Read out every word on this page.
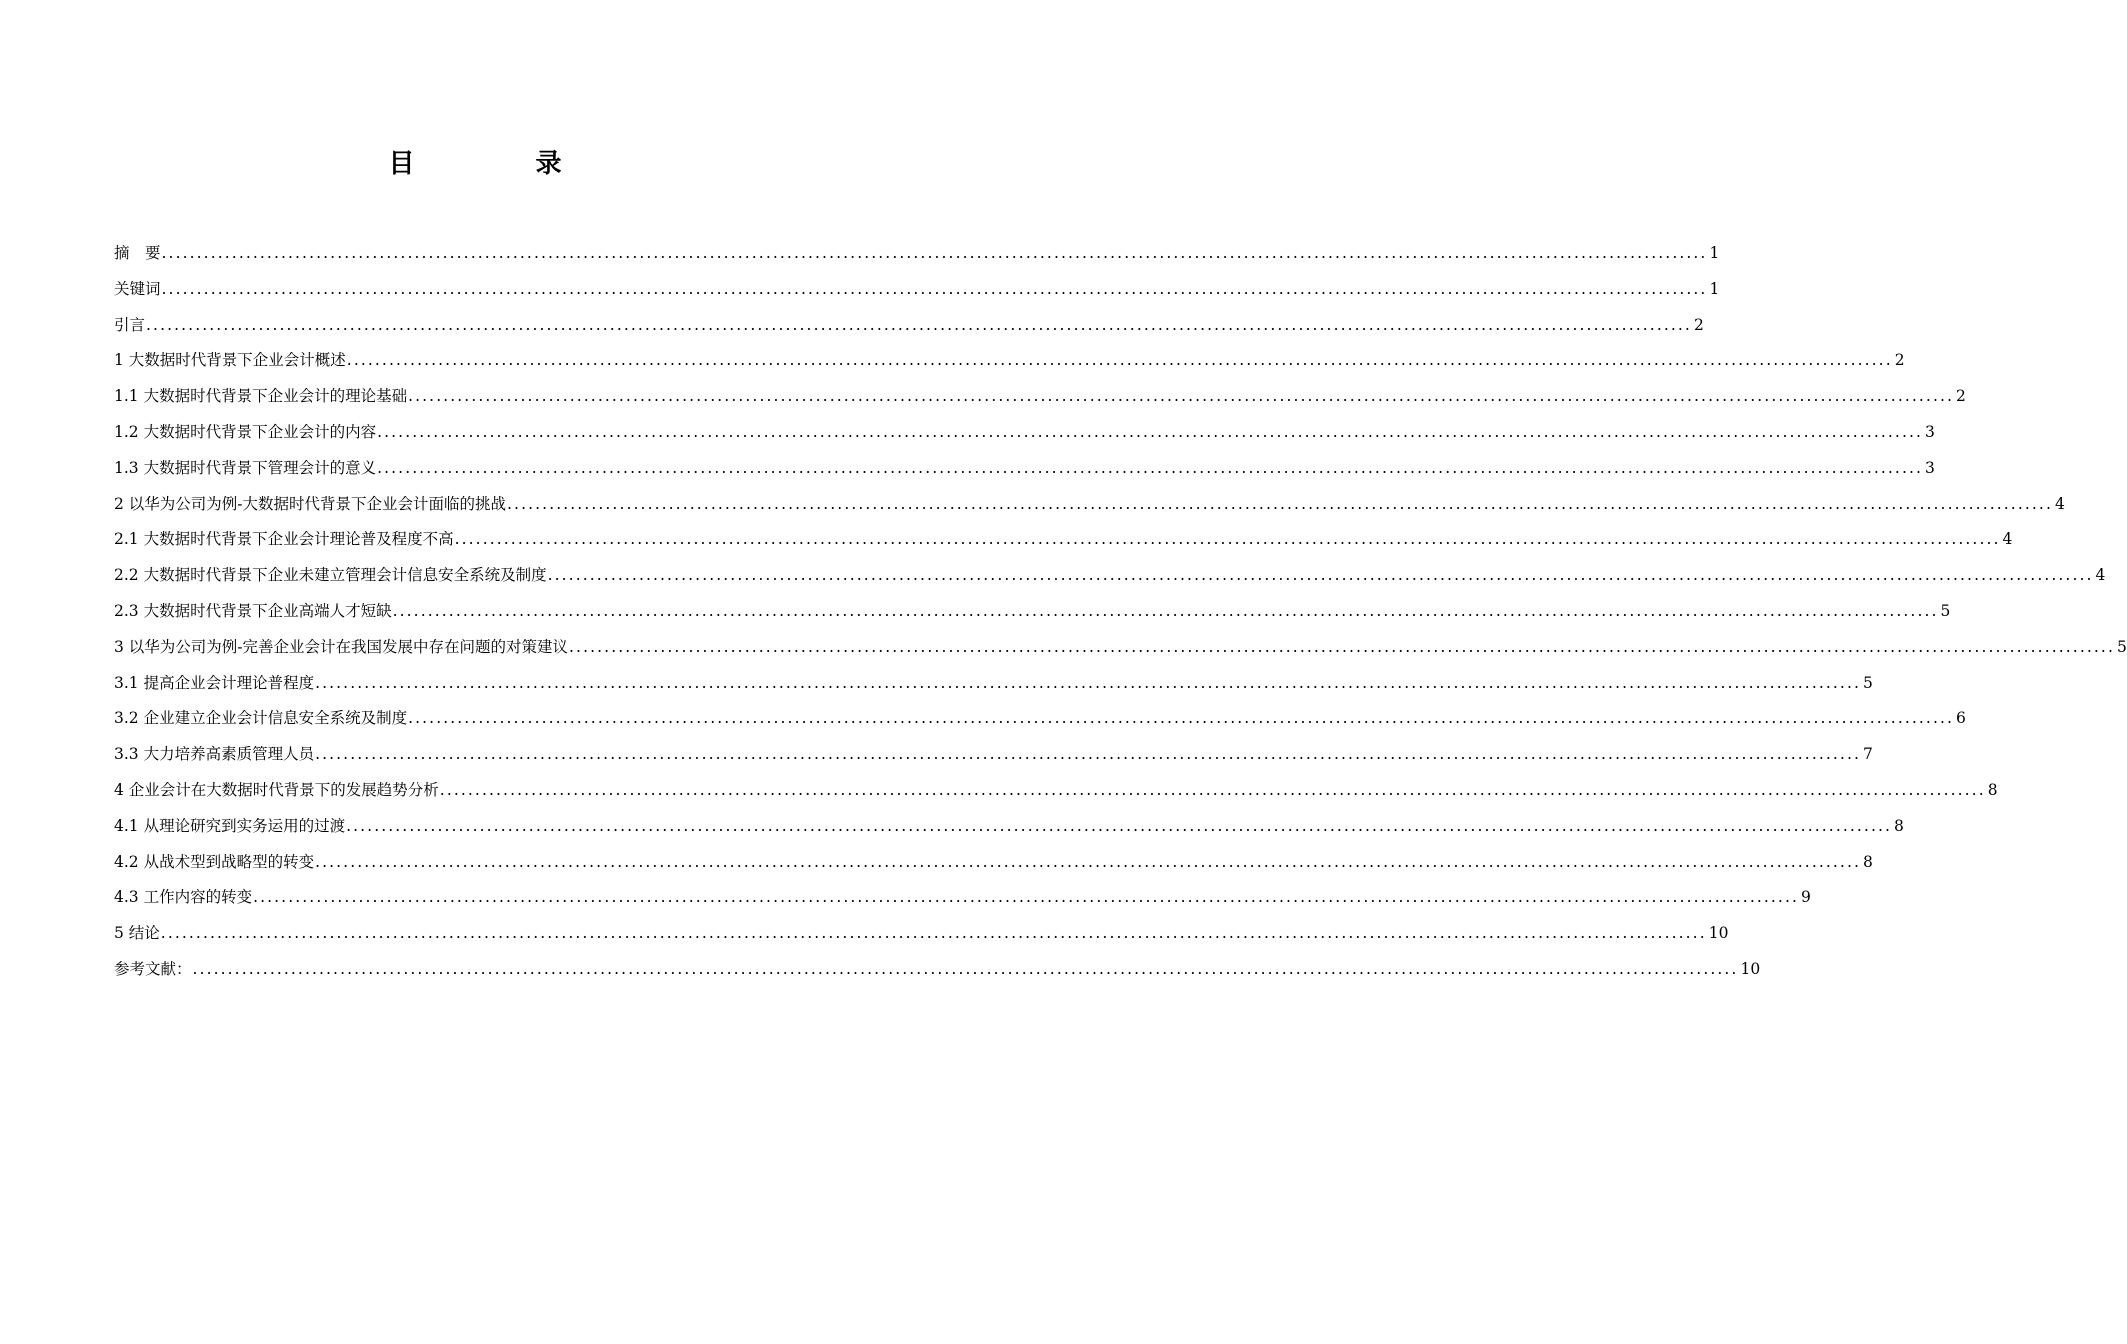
目 录
摘　要 ............................................................................................................................................................................................................................ 1
关键词 ............................................................................................................................................................................................................................ 1
引言 ............................................................................................................................................................................................................................ 2
1 大数据时代背景下企业会计概述 ............................................................................................................................................................................................................................ 2
1.1 大数据时代背景下企业会计的理论基础 ............................................................................................................................................................................................................................ 2
1.2 大数据时代背景下企业会计的内容 ............................................................................................................................................................................................................................ 3
1.3 大数据时代背景下管理会计的意义 ............................................................................................................................................................................................................................ 3
2 以华为公司为例-大数据时代背景下企业会计面临的挑战 ............................................................................................................................................................................................................................ 4
2.1 大数据时代背景下企业会计理论普及程度不高 ............................................................................................................................................................................................................................ 4
2.2 大数据时代背景下企业未建立管理会计信息安全系统及制度 ............................................................................................................................................................................................................................ 4
2.3 大数据时代背景下企业高端人才短缺 ............................................................................................................................................................................................................................ 5
3 以华为公司为例-完善企业会计在我国发展中存在问题的对策建议 ............................................................................................................................................................................................................................ 5
3.1 提高企业会计理论普程度 ............................................................................................................................................................................................................................ 5
3.2 企业建立企业会计信息安全系统及制度 ............................................................................................................................................................................................................................ 6
3.3 大力培养高素质管理人员 ............................................................................................................................................................................................................................ 7
4 企业会计在大数据时代背景下的发展趋势分析 ............................................................................................................................................................................................................................ 8
4.1 从理论研究到实务运用的过渡 ............................................................................................................................................................................................................................ 8
4.2 从战术型到战略型的转变 ............................................................................................................................................................................................................................ 8
4.3 工作内容的转变 ............................................................................................................................................................................................................................ 9
5 结论 ............................................................................................................................................................................................................................ 10
参考文献： ............................................................................................................................................................................................................................ 10
